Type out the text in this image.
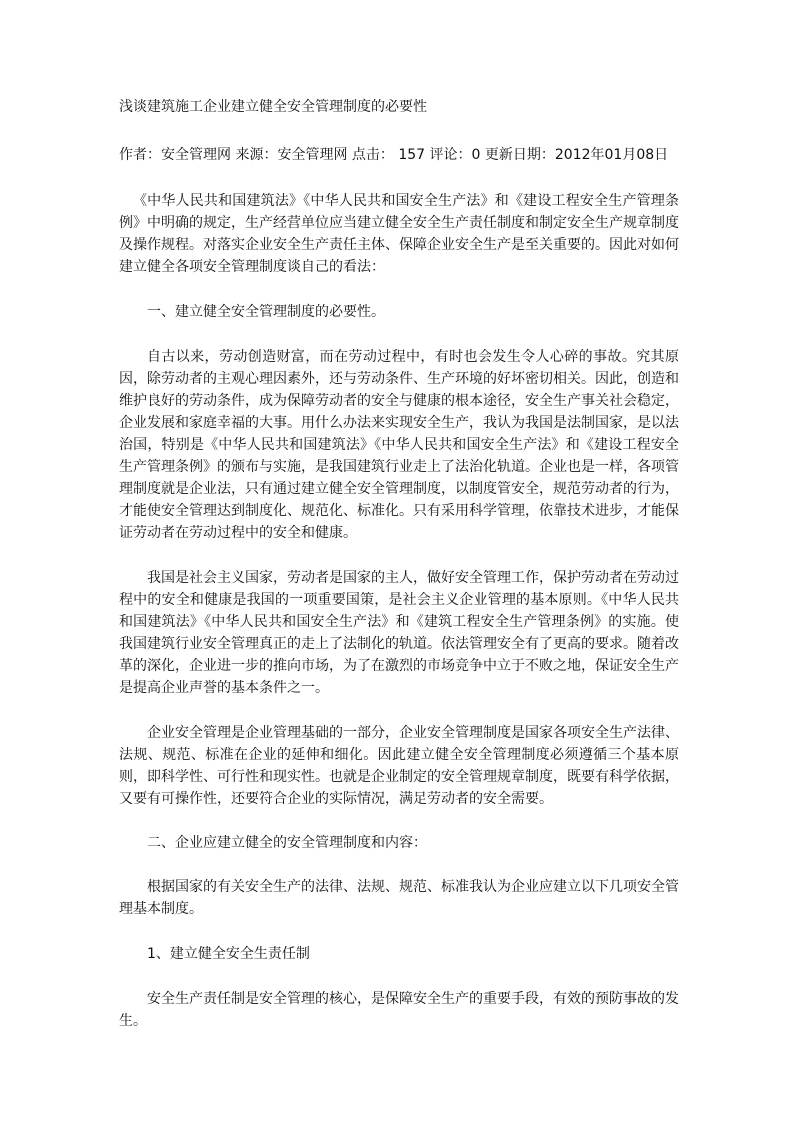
浅谈建筑施工企业建立健全安全管理制度的必要性

作者：安全管理网 来源：安全管理网 点击： 157 评论：0 更新日期：2012年01月08日

《中华人民共和国建筑法》《中华人民共和国安全生产法》和《建设工程安全生产管理条例》中明确的规定，生产经营单位应当建立健全安全生产责任制度和制定安全生产规章制度及操作规程。对落实企业安全生产责任主体、保障企业安全生产是至关重要的。因此对如何建立健全各项安全管理制度谈自己的看法：

一、建立健全安全管理制度的必要性。

自古以来，劳动创造财富，而在劳动过程中，有时也会发生令人心碎的事故。究其原因，除劳动者的主观心理因素外，还与劳动条件、生产环境的好坏密切相关。因此，创造和维护良好的劳动条件，成为保障劳动者的安全与健康的根本途径，安全生产事关社会稳定，企业发展和家庭幸福的大事。用什么办法来实现安全生产，我认为我国是法制国家，是以法治国，特别是《中华人民共和国建筑法》《中华人民共和国安全生产法》和《建设工程安全生产管理条例》的颁布与实施，是我国建筑行业走上了法治化轨道。企业也是一样，各项管理制度就是企业法，只有通过建立健全安全管理制度，以制度管安全，规范劳动者的行为，才能使安全管理达到制度化、规范化、标准化。只有采用科学管理，依靠技术进步，才能保证劳动者在劳动过程中的安全和健康。

我国是社会主义国家，劳动者是国家的主人，做好安全管理工作，保护劳动者在劳动过程中的安全和健康是我国的一项重要国策，是社会主义企业管理的基本原则。《中华人民共和国建筑法》《中华人民共和国安全生产法》和《建筑工程安全生产管理条例》的实施。使我国建筑行业安全管理真正的走上了法制化的轨道。依法管理安全有了更高的要求。随着改革的深化，企业进一步的推向市场，为了在激烈的市场竞争中立于不败之地，保证安全生产是提高企业声誉的基本条件之一。

企业安全管理是企业管理基础的一部分，企业安全管理制度是国家各项安全生产法律、法规、规范、标准在企业的延伸和细化。因此建立健全安全管理制度必须遵循三个基本原则，即科学性、可行性和现实性。也就是企业制定的安全管理规章制度，既要有科学依据，又要有可操作性，还要符合企业的实际情况，满足劳动者的安全需要。

二、企业应建立健全的安全管理制度和内容：

根据国家的有关安全生产的法律、法规、规范、标准我认为企业应建立以下几项安全管理基本制度。

1、建立健全安全生责任制

安全生产责任制是安全管理的核心，是保障安全生产的重要手段，有效的预防事故的发生。
